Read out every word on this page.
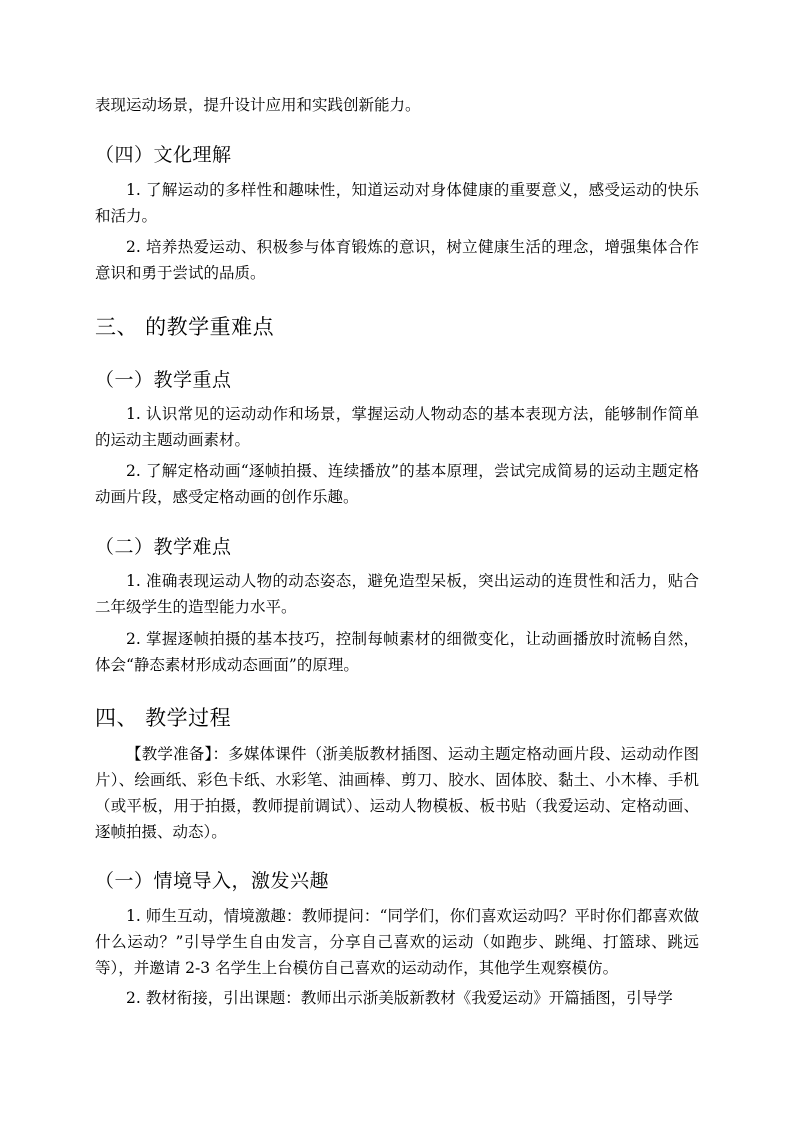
表现运动场景，提升设计应用和实践创新能力。

（四）文化理解

1. 了解运动的多样性和趣味性，知道运动对身体健康的重要意义，感受运动的快乐和活力。

2. 培养热爱运动、积极参与体育锻炼的意识，树立健康生活的理念，增强集体合作意识和勇于尝试的品质。

三、 的教学重难点
（一）教学重点

1. 认识常见的运动动作和场景，掌握运动人物动态的基本表现方法，能够制作简单的运动主题动画素材。

2. 了解定格动画“逐帧拍摄、连续播放”的基本原理，尝试完成简易的运动主题定格动画片段，感受定格动画的创作乐趣。

（二）教学难点

1. 准确表现运动人物的动态姿态，避免造型呆板，突出运动的连贯性和活力，贴合二年级学生的造型能力水平。

2. 掌握逐帧拍摄的基本技巧，控制每帧素材的细微变化，让动画播放时流畅自然，体会“静态素材形成动态画面”的原理。

四、 教学过程

【教学准备】：多媒体课件（浙美版教材插图、运动主题定格动画片段、运动动作图片）、绘画纸、彩色卡纸、水彩笔、油画棒、剪刀、胶水、固体胶、黏土、小木棒、手机（或平板，用于拍摄，教师提前调试）、运动人物模板、板书贴（我爱运动、定格动画、逐帧拍摄、动态）。

（一）情境导入，激发兴趣

1. 师生互动，情境激趣：教师提问：“同学们，你们喜欢运动吗？平时你们都喜欢做什么运动？”引导学生自由发言，分享自己喜欢的运动（如跑步、跳绳、打篮球、跳远等），并邀请 2-3 名学生上台模仿自己喜欢的运动动作，其他学生观察模仿。

2. 教材衔接，引出课题：教师出示浙美版新教材《我爱运动》开篇插图，引导学
